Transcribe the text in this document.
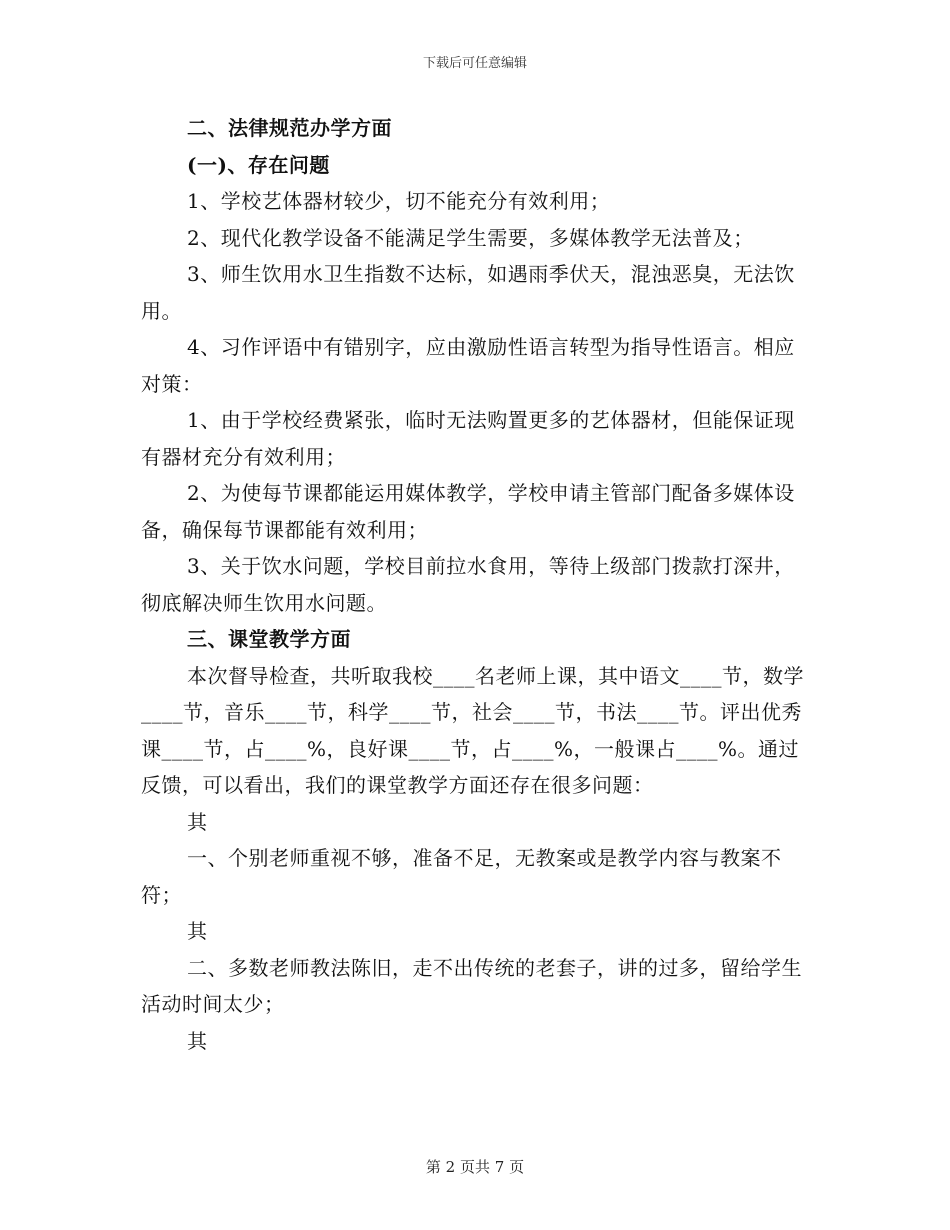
下载后可任意编辑

二、法律规范办学方面

(一)、存在问题

1、学校艺体器材较少，切不能充分有效利用；

2、现代化教学设备不能满足学生需要，多媒体教学无法普及；

3、师生饮用水卫生指数不达标，如遇雨季伏天，混浊恶臭，无法饮用。

4、习作评语中有错别字，应由激励性语言转型为指导性语言。相应对策：

1、由于学校经费紧张，临时无法购置更多的艺体器材，但能保证现有器材充分有效利用；

2、为使每节课都能运用媒体教学，学校申请主管部门配备多媒体设备，确保每节课都能有效利用；

3、关于饮水问题，学校目前拉水食用，等待上级部门拨款打深井，彻底解决师生饮用水问题。

三、课堂教学方面

本次督导检查，共听取我校____名老师上课，其中语文____节，数学____节，音乐____节，科学____节，社会____节，书法____节。评出优秀课____节，占____%，良好课____节，占____%，一般课占____%。通过反馈，可以看出，我们的课堂教学方面还存在很多问题：

其

一、个别老师重视不够，准备不足，无教案或是教学内容与教案不符；

其

二、多数老师教法陈旧，走不出传统的老套子，讲的过多，留给学生活动时间太少；

其

第 2 页共 7 页
